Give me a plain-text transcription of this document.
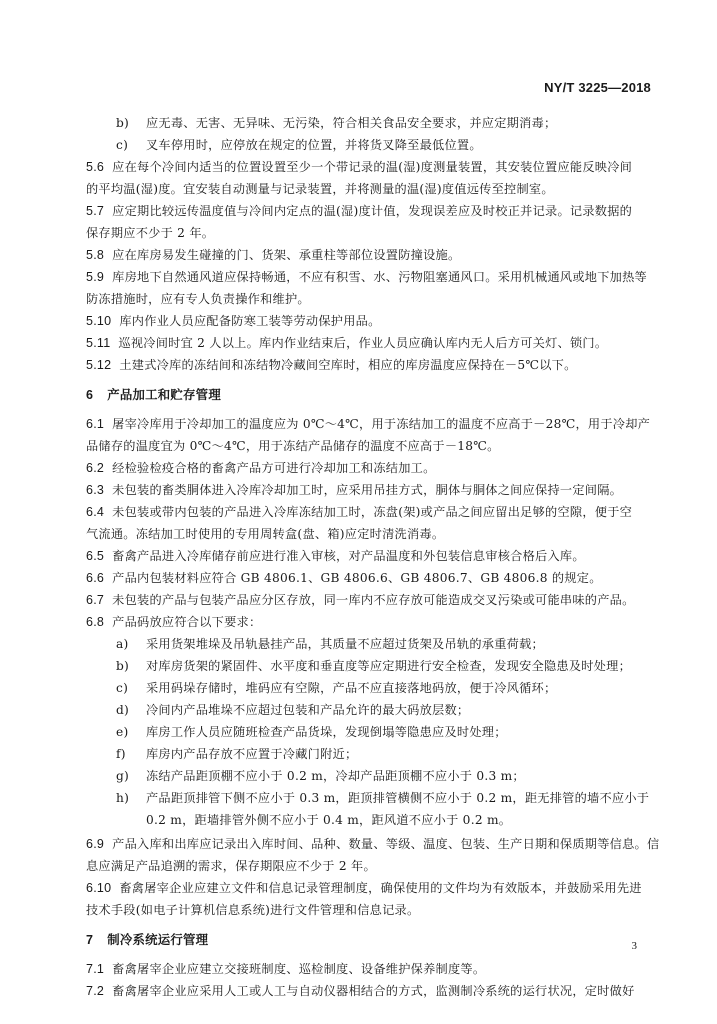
NY/T 3225—2018
b) 应无毒、无害、无异味、无污染，符合相关食品安全要求，并应定期消毒；
c) 叉车停用时，应停放在规定的位置，并将货叉降至最低位置。
5.6 应在每个冷间内适当的位置设置至少一个带记录的温(湿)度测量装置，其安装位置应能反映冷间
的平均温(湿)度。宜安装自动测量与记录装置，并将测量的温(湿)度值远传至控制室。
5.7 应定期比较远传温度值与冷间内定点的温(湿)度计值，发现误差应及时校正并记录。记录数据的
保存期应不少于 2 年。
5.8 应在库房易发生碰撞的门、货架、承重柱等部位设置防撞设施。
5.9 库房地下自然通风道应保持畅通，不应有积雪、水、污物阻塞通风口。采用机械通风或地下加热等
防冻措施时，应有专人负责操作和维护。
5.10 库内作业人员应配备防寒工装等劳动保护用品。
5.11 巡视冷间时宜 2 人以上。库内作业结束后，作业人员应确认库内无人后方可关灯、锁门。
5.12 土建式冷库的冻结间和冻结物冷藏间空库时，相应的库房温度应保持在－5℃以下。
6 产品加工和贮存管理
6.1 屠宰冷库用于冷却加工的温度应为 0℃～4℃，用于冻结加工的温度不应高于－28℃，用于冷却产
品储存的温度宜为 0℃～4℃，用于冻结产品储存的温度不应高于－18℃。
6.2 经检验检疫合格的畜禽产品方可进行冷却加工和冻结加工。
6.3 未包装的畜类胴体进入冷库冷却加工时，应采用吊挂方式，胴体与胴体之间应保持一定间隔。
6.4 未包装或带内包装的产品进入冷库冻结加工时，冻盘(架)或产品之间应留出足够的空隙，便于空
气流通。冻结加工时使用的专用周转盒(盘、箱)应定时清洗消毒。
6.5 畜禽产品进入冷库储存前应进行准入审核，对产品温度和外包装信息审核合格后入库。
6.6 产品内包装材料应符合 GB 4806.1、GB 4806.6、GB 4806.7、GB 4806.8 的规定。
6.7 未包装的产品与包装产品应分区存放，同一库内不应存放可能造成交叉污染或可能串味的产品。
6.8 产品码放应符合以下要求：
a) 采用货架堆垛及吊轨悬挂产品，其质量不应超过货架及吊轨的承重荷载；
b) 对库房货架的紧固件、水平度和垂直度等应定期进行安全检查，发现安全隐患及时处理；
c) 采用码垛存储时，堆码应有空隙，产品不应直接落地码放，便于冷风循环；
d) 冷间内产品堆垛不应超过包装和产品允许的最大码放层数；
e) 库房工作人员应随班检查产品货垛，发现倒塌等隐患应及时处理；
f) 库房内产品存放不应置于冷藏门附近；
g) 冻结产品距顶棚不应小于 0.2 m，冷却产品距顶棚不应小于 0.3 m；
h) 产品距顶排管下侧不应小于 0.3 m，距顶排管横侧不应小于 0.2 m，距无排管的墙不应小于
0.2 m，距墙排管外侧不应小于 0.4 m，距风道不应小于 0.2 m。
6.9 产品入库和出库应记录出入库时间、品种、数量、等级、温度、包装、生产日期和保质期等信息。信
息应满足产品追溯的需求，保存期限应不少于 2 年。
6.10 畜禽屠宰企业应建立文件和信息记录管理制度，确保使用的文件均为有效版本，并鼓励采用先进
技术手段(如电子计算机信息系统)进行文件管理和信息记录。
7 制冷系统运行管理
7.1 畜禽屠宰企业应建立交接班制度、巡检制度、设备维护保养制度等。
7.2 畜禽屠宰企业应采用人工或人工与自动仪器相结合的方式，监测制冷系统的运行状况，定时做好
3
